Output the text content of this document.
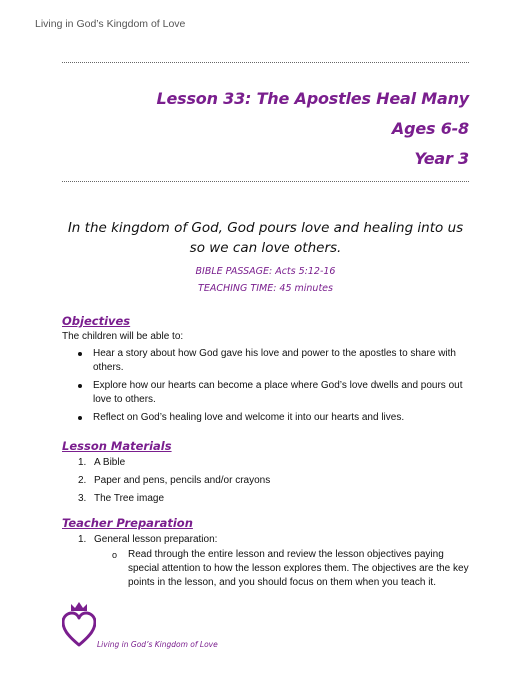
Living in God’s Kingdom of Love
Lesson 33: The Apostles Heal Many
Ages 6-8
Year 3
In the kingdom of God, God pours love and healing into us so we can love others.
BIBLE PASSAGE: Acts 5:12-16
TEACHING TIME: 45 minutes
Objectives
The children will be able to:
Hear a story about how God gave his love and power to the apostles to share with others.
Explore how our hearts can become a place where God’s love dwells and pours out love to others.
Reflect on God’s healing love and welcome it into our hearts and lives.
Lesson Materials
1. A Bible
2. Paper and pens, pencils and/or crayons
3. The Tree image
Teacher Preparation
1. General lesson preparation:
o Read through the entire lesson and review the lesson objectives paying special attention to how the lesson explores them. The objectives are the key points in the lesson, and you should focus on them when you teach it.
Living in God’s Kingdom of Love
